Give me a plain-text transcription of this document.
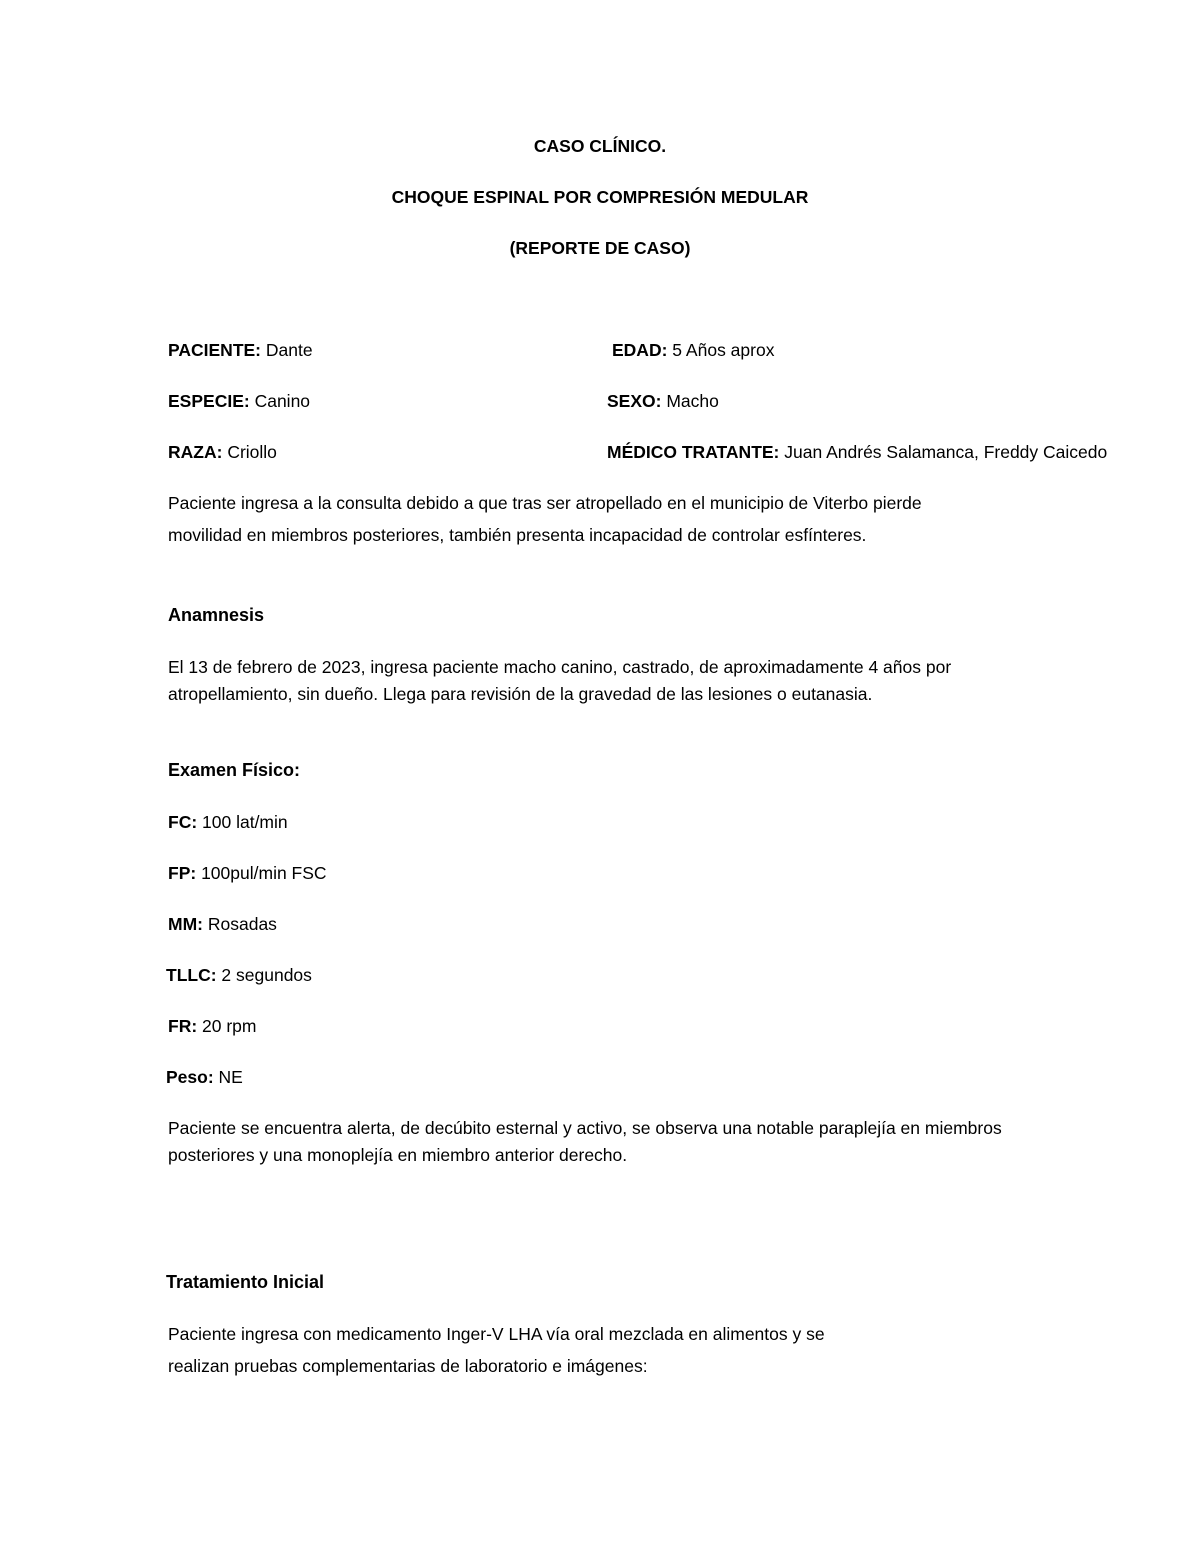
CASO CLÍNICO.
CHOQUE ESPINAL POR COMPRESIÓN MEDULAR
(REPORTE DE CASO)
PACIENTE: Dante	EDAD: 5 Años aprox
ESPECIE: Canino	SEXO: Macho
RAZA: Criollo	MÉDICO TRATANTE: Juan Andrés Salamanca, Freddy Caicedo
Paciente ingresa a la consulta debido a que tras ser atropellado en el municipio de Viterbo pierde
movilidad en miembros posteriores, también presenta incapacidad de controlar esfínteres.
Anamnesis
El 13 de febrero de 2023, ingresa paciente macho canino, castrado, de aproximadamente 4 años por
atropellamiento, sin dueño. Llega para revisión de la gravedad de las lesiones o eutanasia.
Examen Físico:
FC: 100 lat/min
FP: 100pul/min FSC
MM: Rosadas
TLLC: 2 segundos
FR: 20 rpm
Peso: NE
Paciente se encuentra alerta, de decúbito esternal y activo, se observa una notable paraplejía en miembros
posteriores y una monoplejía en miembro anterior derecho.
Tratamiento Inicial
Paciente ingresa con medicamento Inger-V LHA vía oral mezclada en alimentos y se
realizan pruebas complementarias de laboratorio e imágenes:
